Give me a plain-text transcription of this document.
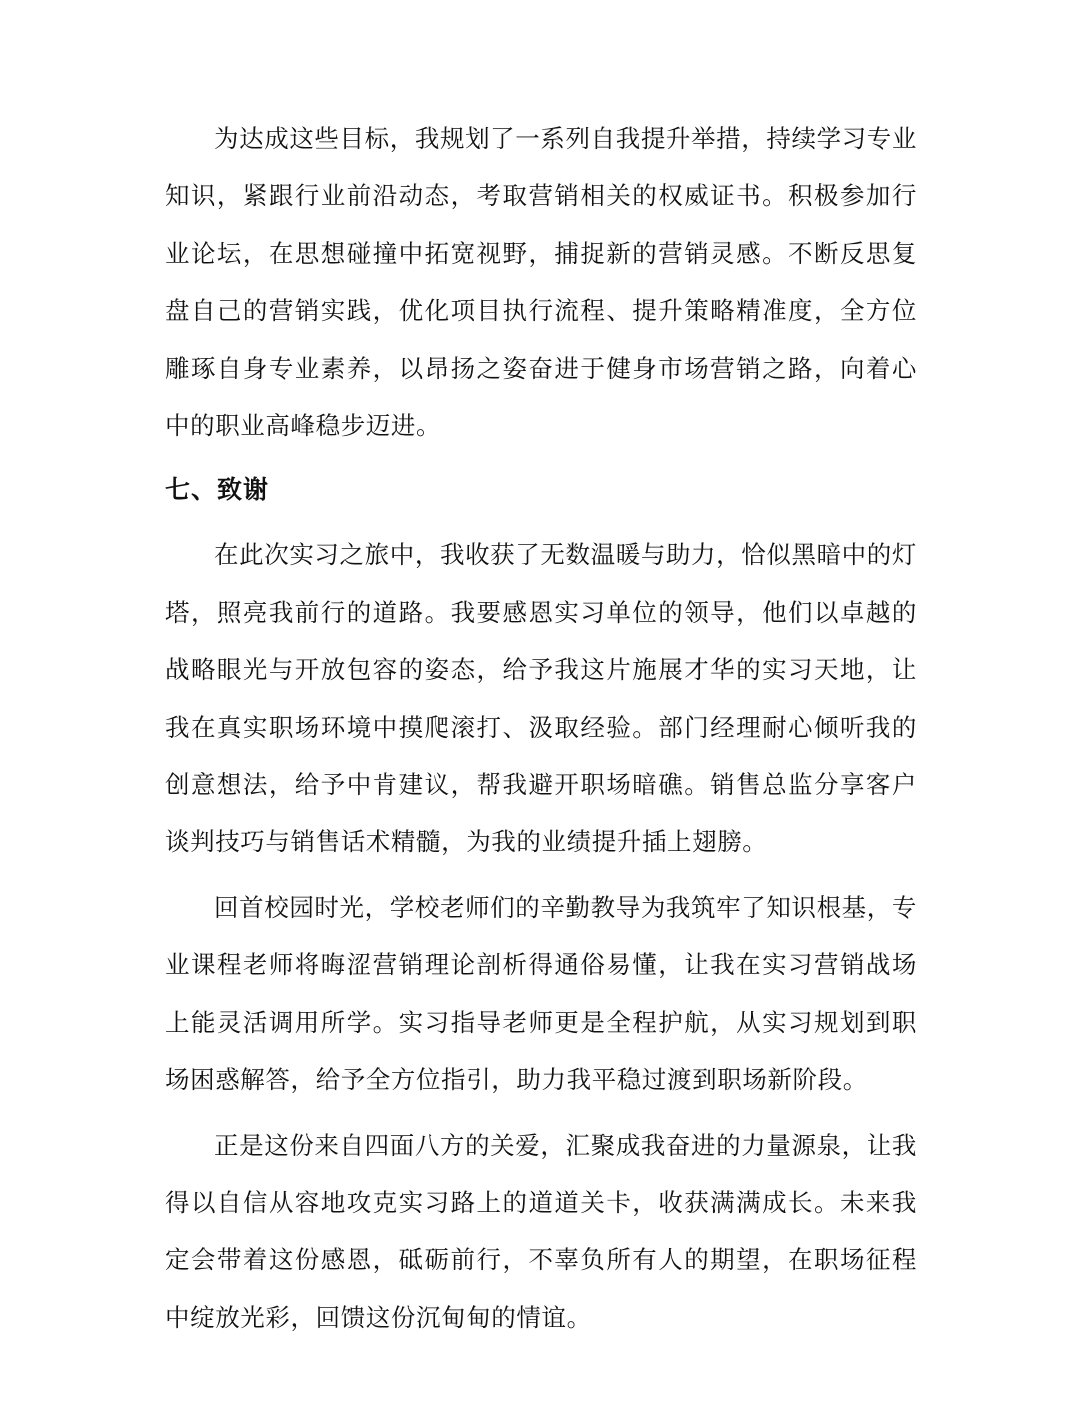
为达成这些目标，我规划了一系列自我提升举措，持续学习专业知识，紧跟行业前沿动态，考取营销相关的权威证书。积极参加行业论坛，在思想碰撞中拓宽视野，捕捉新的营销灵感。不断反思复盘自己的营销实践，优化项目执行流程、提升策略精准度，全方位雕琢自身专业素养，以昂扬之姿奋进于健身市场营销之路，向着心中的职业高峰稳步迈进。

七、致谢

在此次实习之旅中，我收获了无数温暖与助力，恰似黑暗中的灯塔，照亮我前行的道路。我要感恩实习单位的领导，他们以卓越的战略眼光与开放包容的姿态，给予我这片施展才华的实习天地，让我在真实职场环境中摸爬滚打、汲取经验。部门经理耐心倾听我的创意想法，给予中肯建议，帮我避开职场暗礁。销售总监分享客户谈判技巧与销售话术精髓，为我的业绩提升插上翅膀。

回首校园时光，学校老师们的辛勤教导为我筑牢了知识根基，专业课程老师将晦涩营销理论剖析得通俗易懂，让我在实习营销战场上能灵活调用所学。实习指导老师更是全程护航，从实习规划到职场困惑解答，给予全方位指引，助力我平稳过渡到职场新阶段。

正是这份来自四面八方的关爱，汇聚成我奋进的力量源泉，让我得以自信从容地攻克实习路上的道道关卡，收获满满成长。未来我定会带着这份感恩，砥砺前行，不辜负所有人的期望，在职场征程中绽放光彩，回馈这份沉甸甸的情谊。
